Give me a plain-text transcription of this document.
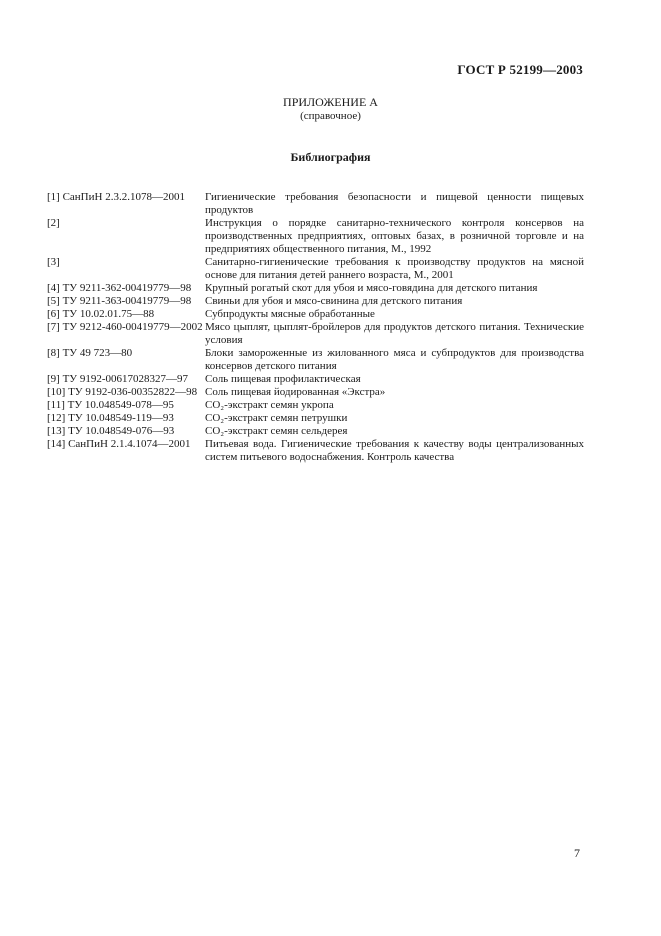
ГОСТ Р 52199—2003
ПРИЛОЖЕНИЕ А
(справочное)
Библиография
[1] СанПиН 2.3.2.1078—2001	Гигиенические требования безопасности и пищевой ценности пищевых продуктов
[2]	Инструкция о порядке санитарно-технического контроля консервов на производственных предприятиях, оптовых базах, в розничной торговле и на предприятиях общественного питания, М., 1992
[3]	Санитарно-гигиенические требования к производству продуктов на мясной основе для питания детей раннего возраста, М., 2001
[4] ТУ 9211-362-00419779—98	Крупный рогатый скот для убоя и мясо-говядина для детского питания
[5] ТУ 9211-363-00419779—98	Свиньи для убоя и мясо-свинина для детского питания
[6] ТУ 10.02.01.75—88	Субпродукты мясные обработанные
[7] ТУ 9212-460-00419779—2002 Мясо цыплят, цыплят-бройлеров для продуктов детского питания. Технические условия
[8] ТУ 49 723—80	Блоки замороженные из жилованного мяса и субпродуктов для производства консервов детского питания
[9] ТУ 9192-00617028327—97	Соль пищевая профилактическая
[10] ТУ 9192-036-00352822—98 Соль пищевая йодированная «Экстра»
[11] ТУ 10.048549-078—95	CO₂-экстракт семян укропа
[12] ТУ 10.048549-119—93	CO₂-экстракт семян петрушки
[13] ТУ 10.048549-076—93	CO₂-экстракт семян сельдерея
[14] СанПиН 2.1.4.1074—2001	Питьевая вода. Гигиенические требования к качеству воды централизованных систем питьевого водоснабжения. Контроль качества
7
